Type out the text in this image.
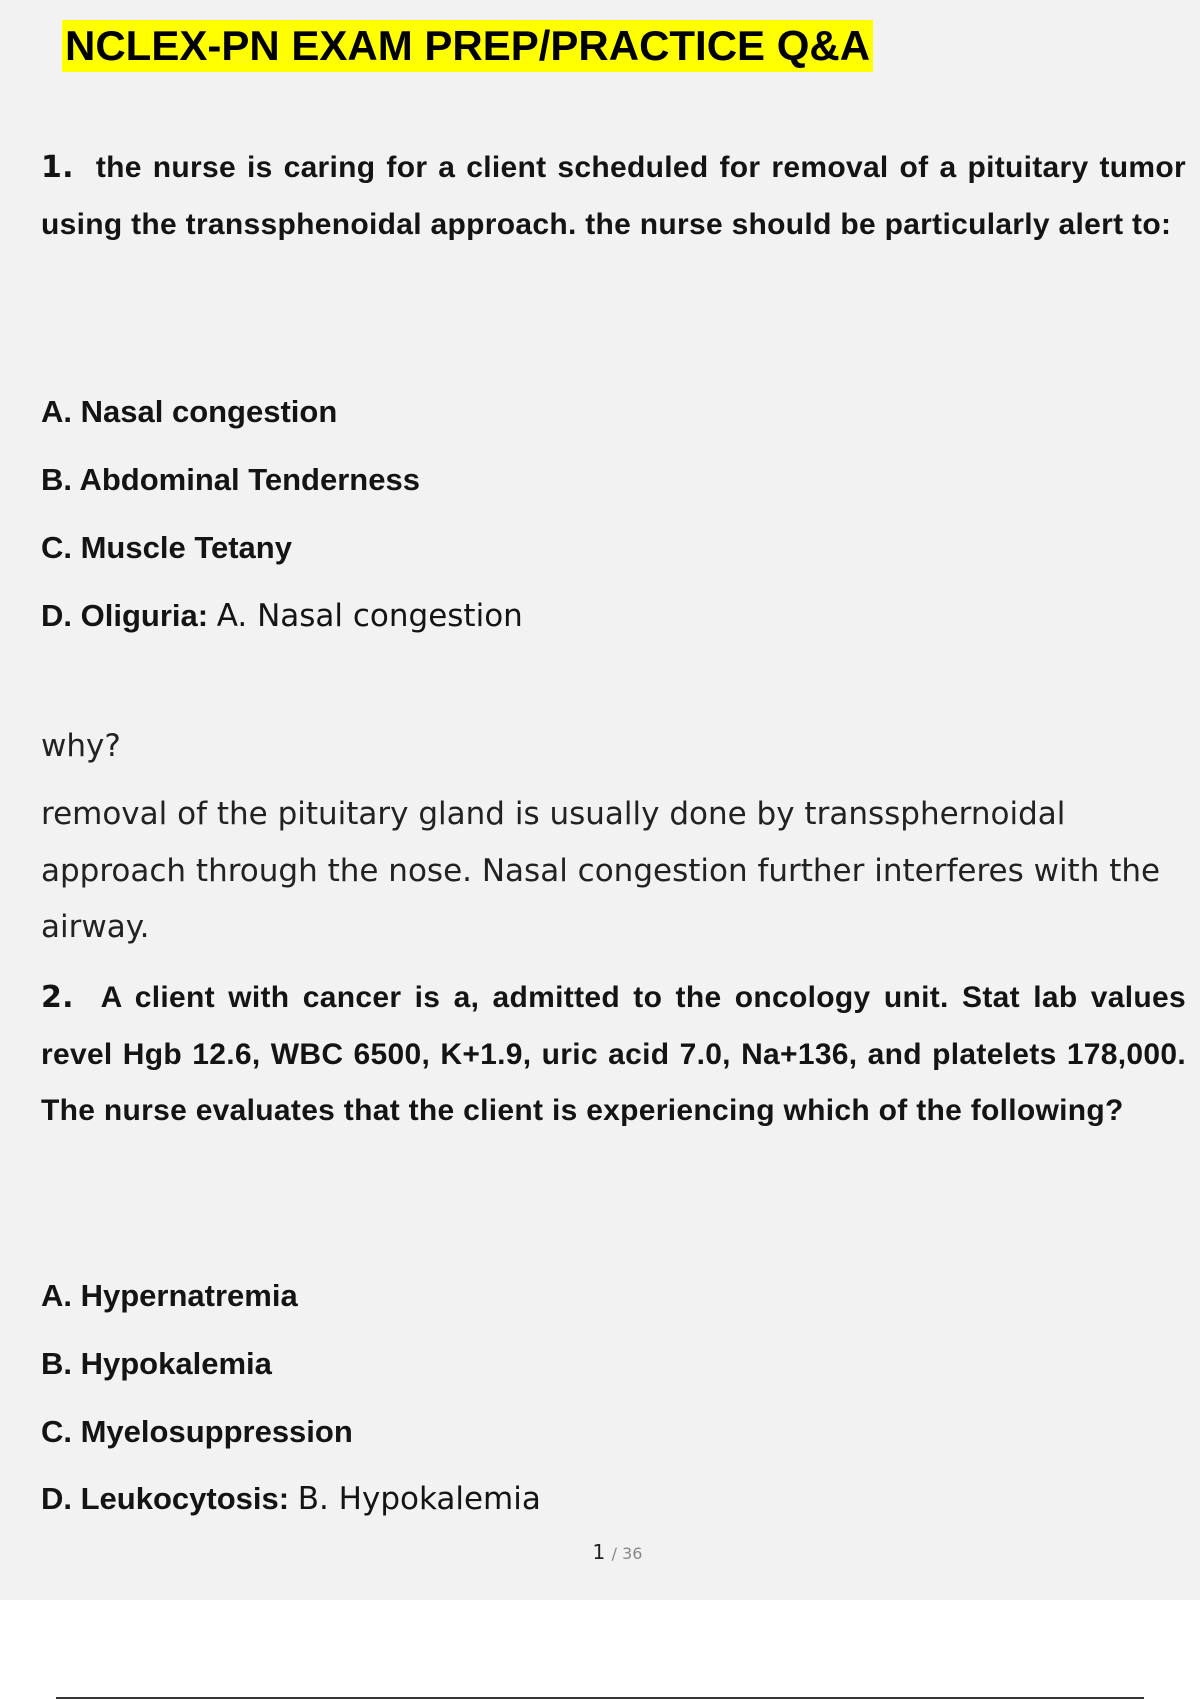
NCLEX-PN EXAM PREP/PRACTICE Q&A
1. the nurse is caring for a client scheduled for removal of a pituitary tumor using the transsphenoidal approach. the nurse should be particularly alert to:
A. Nasal congestion
B. Abdominal Tenderness
C. Muscle Tetany
D. Oliguria: A. Nasal congestion
why?
removal of the pituitary gland is usually done by transsphernoidal
approach through the nose. Nasal congestion further interferes with the
airway.
2. A client with cancer is a, admitted to the oncology unit. Stat lab values revel Hgb 12.6, WBC 6500, K+1.9, uric acid 7.0, Na+136, and platelets 178,000. The nurse evaluates that the client is experiencing which of the following?
A. Hypernatremia
B. Hypokalemia
C. Myelosuppression
D. Leukocytosis: B. Hypokalemia
1 / 36
